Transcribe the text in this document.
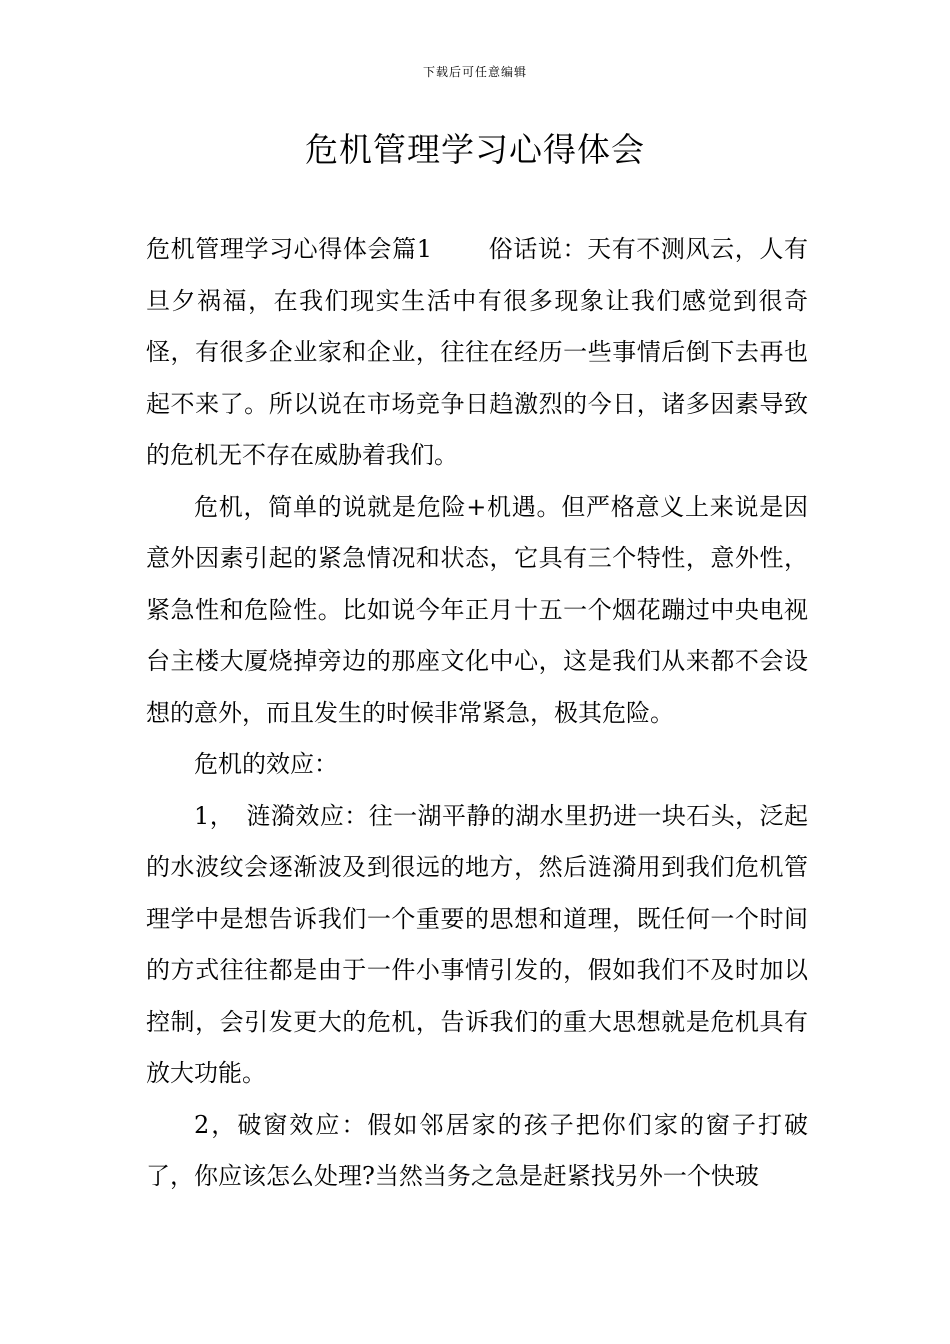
下载后可任意编辑
危机管理学习心得体会

危机管理学习心得体会篇1 俗话说：天有不测风云，人有旦夕祸福，在我们现实生活中有很多现象让我们感觉到很奇怪，有很多企业家和企业，往往在经历一些事情后倒下去再也起不来了。所以说在市场竞争日趋激烈的今日，诸多因素导致的危机无不存在威胁着我们。

危机，简单的说就是危险+机遇。但严格意义上来说是因意外因素引起的紧急情况和状态，它具有三个特性，意外性，紧急性和危险性。比如说今年正月十五一个烟花蹦过中央电视台主楼大厦烧掉旁边的那座文化中心，这是我们从来都不会设想的意外，而且发生的时候非常紧急，极其危险。

危机的效应：

1，　涟漪效应：往一湖平静的湖水里扔进一块石头，泛起的水波纹会逐渐波及到很远的地方，然后涟漪用到我们危机管理学中是想告诉我们一个重要的思想和道理，既任何一个时间的方式往往都是由于一件小事情引发的，假如我们不及时加以控制，会引发更大的危机，告诉我们的重大思想就是危机具有放大功能。

2，破窗效应：假如邻居家的孩子把你们家的窗子打破了，你应该怎么处理?当然当务之急是赶紧找另外一个快玻
